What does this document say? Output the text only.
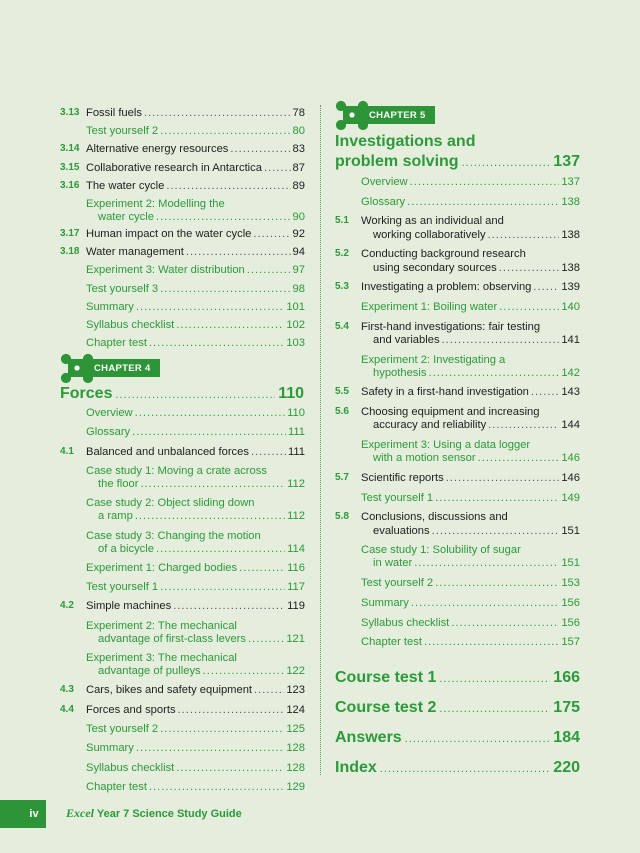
3.13 Fossil fuels .....	78
Test yourself 2 .....	80
3.14 Alternative energy resources .....	83
3.15 Collaborative research in Antarctica .....	87
3.16 The water cycle .....	89
Experiment 2: Modelling the
water cycle .....	90
3.17 Human impact on the water cycle .....	92
3.18 Water management .....	94
Experiment 3: Water distribution .....	97
Test yourself 3 .....	98
Summary .....	101
Syllabus checklist .....	102
Chapter test .....	103
CHAPTER 4
Forces .....	110
Overview .....	110
Glossary .....	111
4.1 Balanced and unbalanced forces .....	111
Case study 1: Moving a crate across
the floor .....	112
Case study 2: Object sliding down
a ramp .....	112
Case study 3: Changing the motion
of a bicycle .....	114
Experiment 1: Charged bodies .....	116
Test yourself 1 .....	117
4.2 Simple machines .....	119
Experiment 2: The mechanical
advantage of first-class levers .....	121
Experiment 3: The mechanical
advantage of pulleys .....	122
4.3 Cars, bikes and safety equipment .....	123
4.4 Forces and sports .....	124
Test yourself 2 .....	125
Summary .....	128
Syllabus checklist .....	128
Chapter test .....	129
CHAPTER 5
Investigations and
problem solving .....	137
Overview .....	137
Glossary .....	138
5.1 Working as an individual and
working collaboratively .....	138
5.2 Conducting background research
using secondary sources .....	138
5.3 Investigating a problem: observing .....	139
Experiment 1: Boiling water .....	140
5.4 First-hand investigations: fair testing
and variables .....	141
Experiment 2: Investigating a
hypothesis .....	142
5.5 Safety in a first-hand investigation .....	143
5.6 Choosing equipment and increasing
accuracy and reliability .....	144
Experiment 3: Using a data logger
with a motion sensor .....	146
5.7 Scientific reports .....	146
Test yourself 1 .....	149
5.8 Conclusions, discussions and
evaluations .....	151
Case study 1: Solubility of sugar
in water .....	151
Test yourself 2 .....	153
Summary .....	156
Syllabus checklist .....	156
Chapter test .....	157
Course test 1 .....	166
Course test 2 .....	175
Answers .....	184
Index .....	220
iv	Excel Year 7 Science Study Guide
